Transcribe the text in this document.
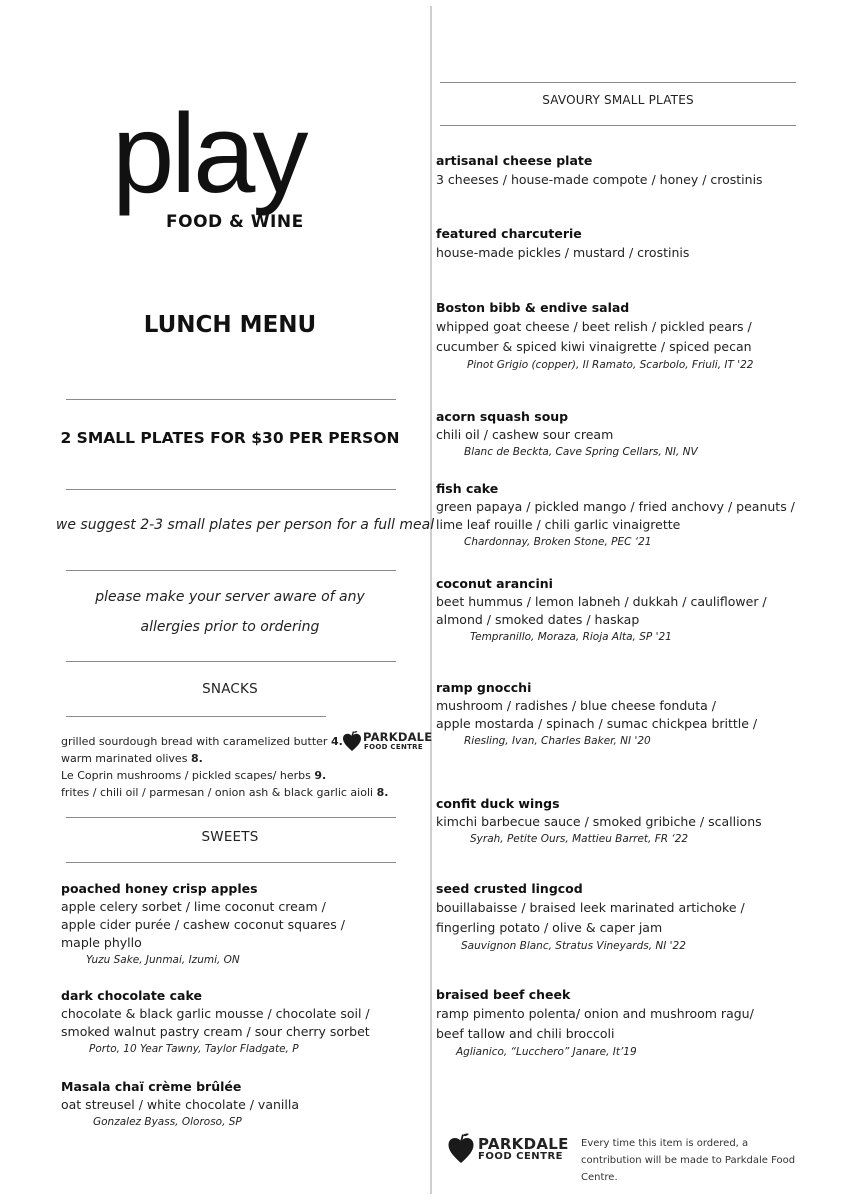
play
FOOD & WINE
LUNCH MENU
2 SMALL PLATES FOR $30 PER PERSON
we suggest 2-3 small plates per person for a full meal
please make your server aware of any
allergies prior to ordering
SNACKS
grilled sourdough bread with caramelized butter 4.
warm marinated olives 8.
Le Coprin mushrooms / pickled scapes/ herbs 9.
frites / chili oil / parmesan / onion ash & black garlic aioli 8.
PARKDALE
FOOD CENTRE
SWEETS
poached honey crisp apples
apple celery sorbet / lime coconut cream /
apple cider purée / cashew coconut squares /
maple phyllo
Yuzu Sake, Junmai, Izumi, ON
dark chocolate cake
chocolate & black garlic mousse / chocolate soil /
smoked walnut pastry cream / sour cherry sorbet
Porto, 10 Year Tawny, Taylor Fladgate, P
Masala chaï crème brûlée
oat streusel / white chocolate / vanilla
Gonzalez Byass, Oloroso, SP
SAVOURY SMALL PLATES
artisanal cheese plate
3 cheeses / house-made compote / honey / crostinis
featured charcuterie
house-made pickles / mustard / crostinis
Boston bibb & endive salad
whipped goat cheese / beet relish / pickled pears /
cucumber & spiced kiwi vinaigrette / spiced pecan
Pinot Grigio (copper), Il Ramato, Scarbolo, Friuli, IT '22
acorn squash soup
chili oil / cashew sour cream
Blanc de Beckta, Cave Spring Cellars, NI, NV
fish cake
green papaya / pickled mango / fried anchovy / peanuts /
lime leaf rouille / chili garlic vinaigrette
Chardonnay, Broken Stone, PEC ‘21
coconut arancini
beet hummus / lemon labneh / dukkah / cauliflower /
almond / smoked dates / haskap
Tempranillo, Moraza, Rioja Alta, SP '21
ramp gnocchi
mushroom / radishes / blue cheese fonduta /
apple mostarda / spinach / sumac chickpea brittle /
Riesling, Ivan, Charles Baker, NI '20
confit duck wings
kimchi barbecue sauce / smoked gribiche / scallions
Syrah, Petite Ours, Mattieu Barret, FR ‘22
seed crusted lingcod
bouillabaisse / braised leek marinated artichoke /
fingerling potato / olive & caper jam
Sauvignon Blanc, Stratus Vineyards, NI '22
braised beef cheek
ramp pimento polenta/ onion and mushroom ragu/
beef tallow and chili broccoli
Aglianico, “Lucchero” Janare, It’19
PARKDALE
FOOD CENTRE
Every time this item is ordered, a contribution will be made to Parkdale Food Centre.
